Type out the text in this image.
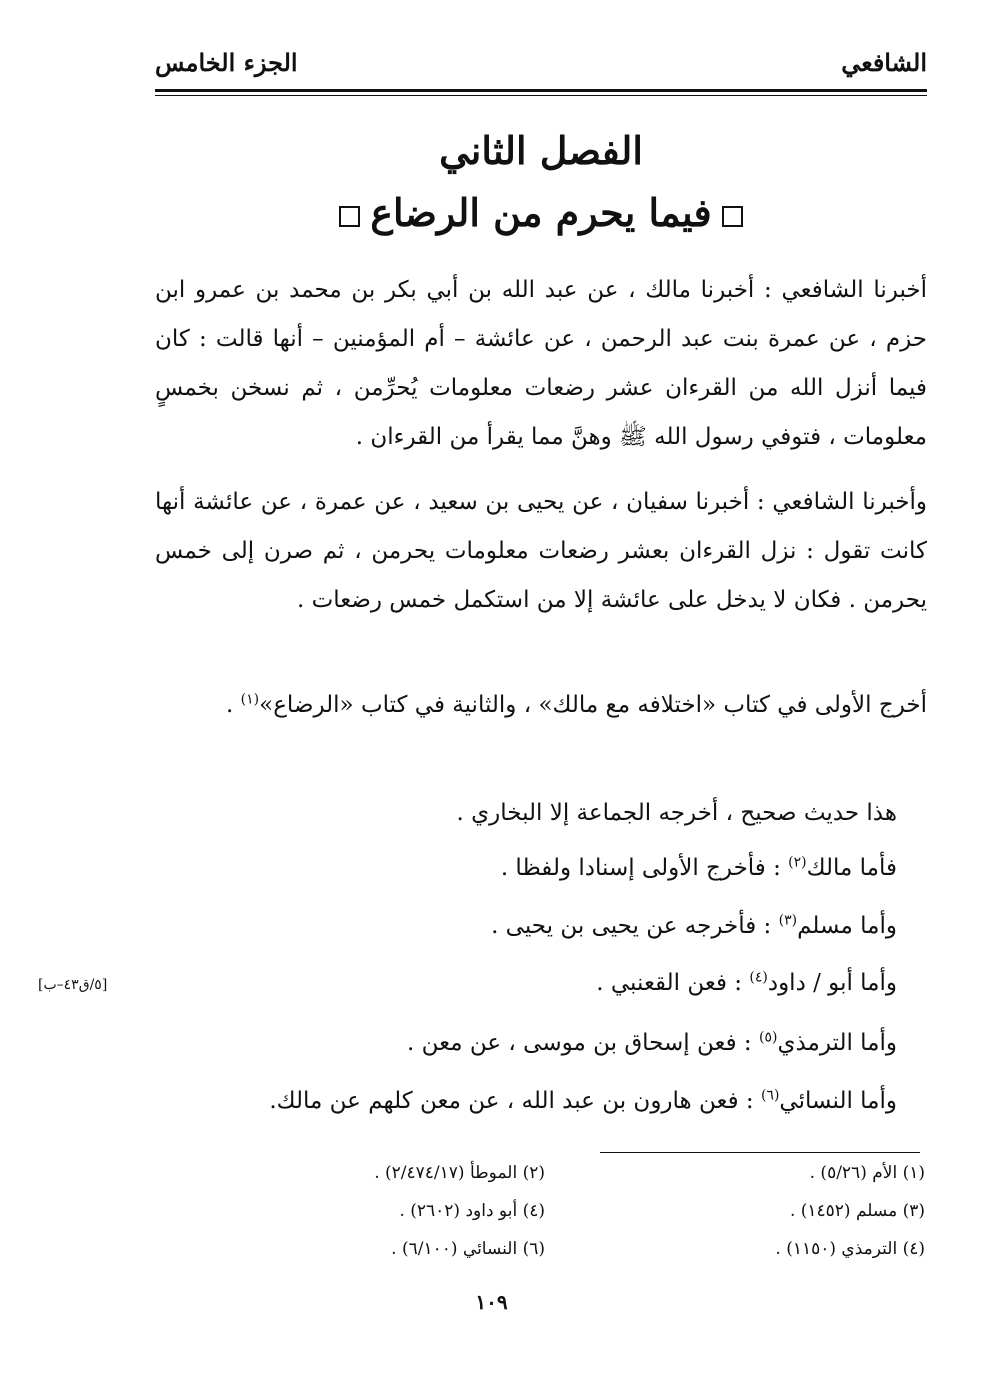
الشافعي
الجزء الخامس
الفصل الثاني
فيما يحرم من الرضاع
أخبرنا الشافعي : أخبرنا مالك ، عن عبد الله بن أبي بكر بن محمد بن عمرو ابن حزم ، عن عمرة بنت عبد الرحمن ، عن عائشة – أم المؤمنين – أنها قالت : كان فيما أنزل الله من القرءان عشر رضعات معلومات يُحرِّمن ، ثم نسخن بخمسٍ معلومات ، فتوفي رسول الله ﷺ وهنَّ مما يقرأ من القرءان .
وأخبرنا الشافعي : أخبرنا سفيان ، عن يحيى بن سعيد ، عن عمرة ، عن عائشة أنها كانت تقول : نزل القرءان بعشر رضعات معلومات يحرمن ، ثم صرن إلى خمس يحرمن . فكان لا يدخل على عائشة إلا من استكمل خمس رضعات .
أخرج الأولى في كتاب «اختلافه مع مالك» ، والثانية في كتاب «الرضاع»$^{(١)}$ .
هذا حديث صحيح ، أخرجه الجماعة إلا البخاري .
فأما مالك$^{(٢)}$ : فأخرج الأولى إسنادا ولفظا .
وأما مسلم$^{(٣)}$ : فأخرجه عن يحيى بن يحيى .
وأما أبو / داود$^{(٤)}$ : فعن القعنبي .
وأما الترمذي$^{(٥)}$ : فعن إسحاق بن موسى ، عن معن .
وأما النسائي$^{(٦)}$ : فعن هارون بن عبد الله ، عن معن كلهم عن مالك.
[٥/ق٤٣–ب]
(١) الأم (٥/٢٦) .
(٢) الموطأ (٢/٤٧٤/١٧) .
(٣) مسلم (١٤٥٢) .
(٤) أبو داود (٢٦٠٢) .
(٤) الترمذي (١١٥٠) .
(٦) النسائي (٦/١٠٠) .
١٠٩
